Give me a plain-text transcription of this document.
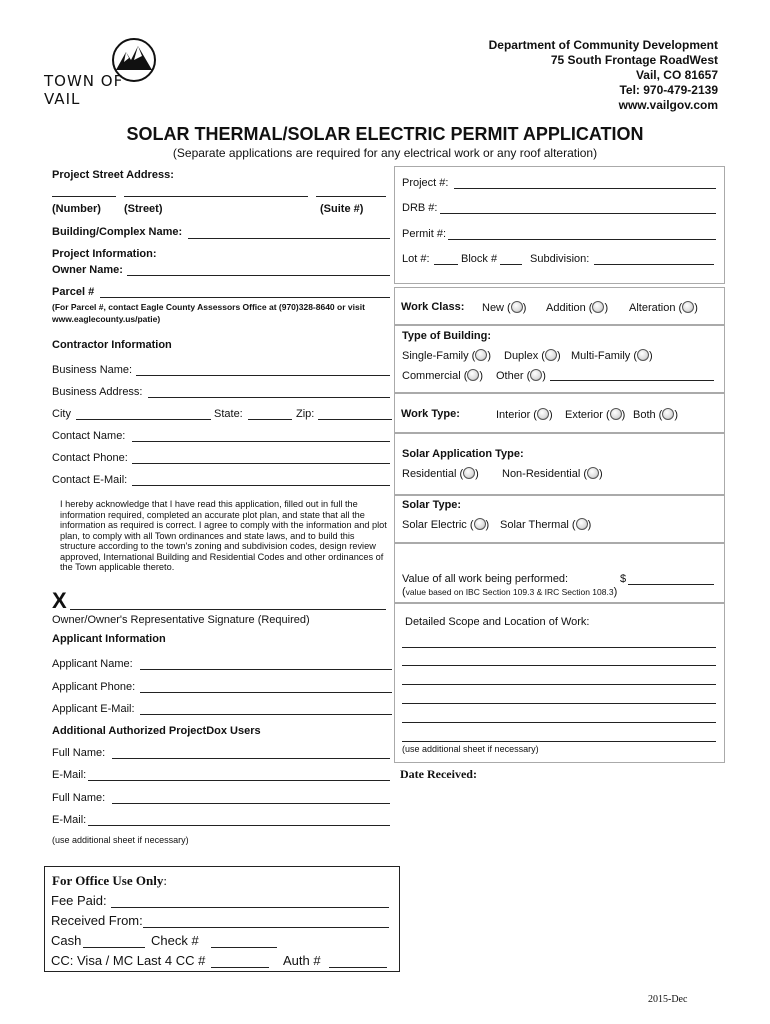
TOWN OF VAIL
Department of Community Development
75 South Frontage RoadWest
Vail, CO 81657
Tel: 970-479-2139
www.vailgov.com
SOLAR THERMAL/SOLAR ELECTRIC PERMIT APPLICATION
(Separate applications are required for any electrical work or any roof alteration)
Project Street Address:
(Number) (Street)	(Suite #)
Building/Complex Name:
Project Information:
Owner Name:
Parcel #
(For Parcel #, contact Eagle County Assessors Office at (970)328-8640 or visit www.eaglecounty.us/patie)
Contractor Information
Business Name:
Business Address:
City	State:	Zip:
Contact Name:
Contact Phone:
Contact E-Mail:
I hereby acknowledge that I have read this application, filled out in full the information required, completed an accurate plot plan, and state that all the information as required is correct. I agree to comply with the information and plot plan, to comply with all Town ordinances and state laws, and to build this structure according to the town's zoning and subdivision codes, design review approved, International Building and Residential Codes and other ordinances of the Town applicable thereto.
X
Owner/Owner's Representative Signature (Required)
Applicant Information
Applicant Name:
Applicant Phone:
Applicant E-Mail:
Additional Authorized ProjectDox Users
Full Name:
E-Mail:
Full Name:
E-Mail:
(use additional sheet if necessary)
For Office Use Only:
Fee Paid:
Received From:
Cash	Check #
CC: Visa / MC Last 4 CC #	Auth #
Project #:
DRB #:
Permit #:
Lot #:	Block #	Subdivision:
Work Class: New ( ) Addition ( ) Alteration ( )
Type of Building:
Single-Family ( ) Duplex ( ) Multi-Family ( )
Commercial ( ) Other ( )
Work Type:	Interior ( ) Exterior ( ) Both ( )
Solar Application Type:
Residential ( ) Non-Residential ( )
Solar Type:
Solar Electric ( ) Solar Thermal ( )
Value of all work being performed:	$
(value based on IBC Section 109.3 & IRC Section 108.3)
Detailed Scope and Location of Work:
(use additional sheet if necessary)
Date Received:
2015-Dec
